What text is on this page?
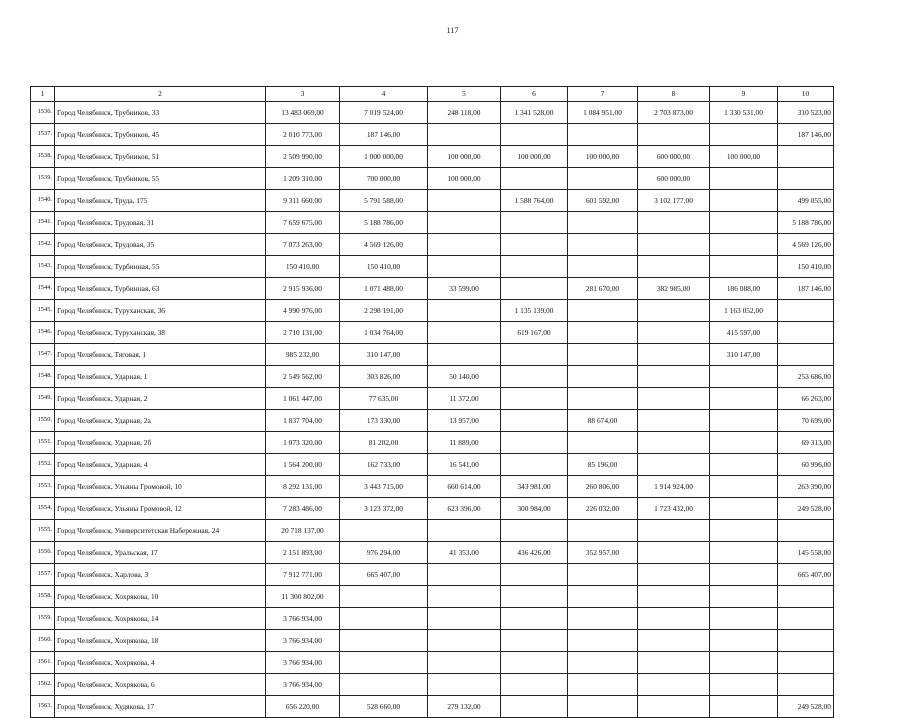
117
1	2	3	4	5	6	7	8	9	10
1536.	Город Челябинск, Трубников, 33	13 483 069,00	7 019 524,00	248 118,00	1 341 528,00	1 084 951,00	2 703 873,00	1 330 531,00	310 523,00
1537.	Город Челябинск, Трубников, 45	2 010 773,00	187 146,00						187 146,00
1538.	Город Челябинск, Трубников, 51	2 509 990,00	1 000 000,00	100 000,00	100 000,00	100 000,00	600 000,00	100 000,00	
1539.	Город Челябинск, Трубников, 55	1 209 310,00	700 000,00	100 000,00			600 000,00		
1540.	Город Челябинск, Труда, 175	9 311 660,00	5 791 588,00		1 588 764,00	601 592,00	3 102 177,00		499 055,00
1541.	Город Челябинск, Трудовая, 31	7 659 675,00	5 188 786,00						5 188 786,00
1542.	Город Челябинск, Трудовая, 35	7 073 263,00	4 569 126,00						4 569 126,00
1543.	Город Челябинск, Турбинная, 55	150 410,00	150 410,00						150 410,00
1544.	Город Челябинск, Турбинная, 63	2 915 936,00	1 071 488,00	33 599,00		281 670,00	382 985,00	186 088,00	187 146,00
1545.	Город Челябинск, Туруханская, 36	4 990 976,00	2 298 191,00		1 135 139,00			1 163 052,00	
1546.	Город Челябинск, Туруханская, 38	2 710 131,00	1 034 764,00		619 167,00			415 597,00	
1547.	Город Челябинск, Тяговая, 1	985 232,00	310 147,00					310 147,00	
1548.	Город Челябинск, Ударная, 1	2 549 562,00	303 826,00	50 140,00					253 686,00
1549.	Город Челябинск, Ударная, 2	1 061 447,00	77 635,00	11 372,00					66 263,00
1550.	Город Челябинск, Ударная, 2а	1 837 704,00	173 330,00	13 957,00		88 674,00			70 699,00
1551.	Город Челябинск, Ударная, 2б	1 073 320,00	81 202,00	11 889,00					69 313,00
1552.	Город Челябинск, Ударная, 4	1 564 200,00	162 733,00	16 541,00		85 196,00			60 996,00
1553.	Город Челябинск, Ульяны Громовой, 10	8 292 131,00	3 443 715,00	660 614,00	343 981,00	260 806,00	1 914 924,00		263 390,00
1554.	Город Челябинск, Ульяны Громовой, 12	7 283 486,00	3 123 372,00	623 396,00	300 984,00	226 032,00	1 723 432,00		249 528,00
1555.	Город Челябинск, Университетская Набережная, 24	20 718 137,00							
1556.	Город Челябинск, Уральская, 17	2 151 893,00	976 294,00	41 353,00	436 426,00	352 957,00			145 558,00
1557.	Город Челябинск, Харлова, 3	7 912 771,00	665 407,00						665 407,00
1558.	Город Челябинск, Хохрякова, 10	11 300 802,00							
1559.	Город Челябинск, Хохрякова, 14	3 766 934,00							
1560.	Город Челябинск, Хохрякова, 18	3 766 934,00							
1561.	Город Челябинск, Хохрякова, 4	3 766 934,00							
1562.	Город Челябинск, Хохрякова, 6	3 766 934,00							
1563.	Город Челябинск, Худякова, 17	656 220,00	528 660,00	279 132,00					249 528,00
